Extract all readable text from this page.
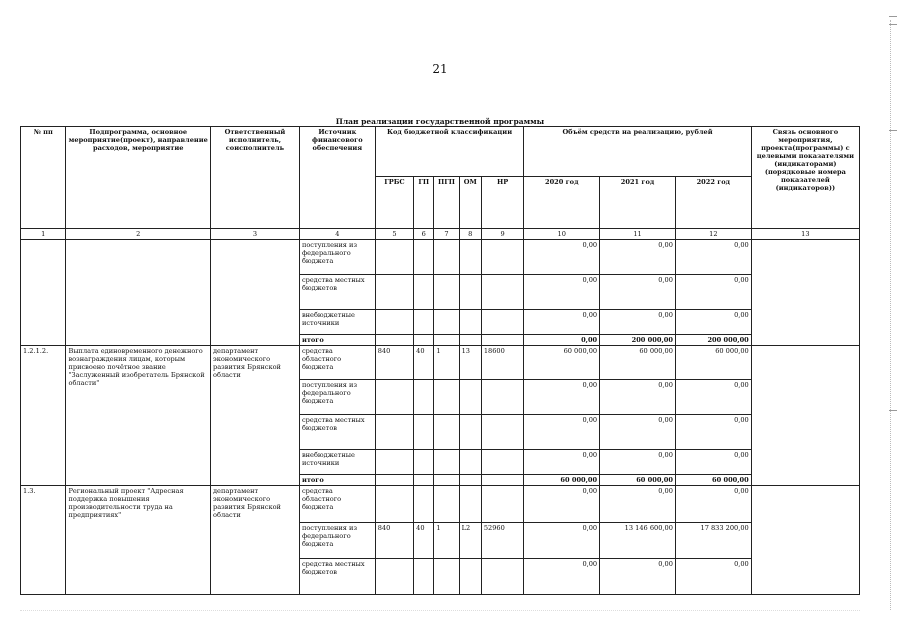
21
План реализации государственной программы
№ пп	Подпрограмма, основное мероприятие(проект), направление расходов, мероприятие	Ответственный исполнитель, соисполнитель	Источник финансового обеспечения	Код бюджетной классификации					Объём средств на реализацию, рублей			Связь основного мероприятия, проекта(программы) с целевыми показателями (индикаторами) (порядковые номера показателей (индикаторов))
				ГРБС	ГП	ПГП	ОМ	НР	2020 год	2021 год	2022 год	
1	2	3	4	5	6	7	8	9	10	11	12	13
			поступления из федерального бюджета						0,00	0,00	0,00	
			средства местных бюджетов						0,00	0,00	0,00	
			внебюджетные источники						0,00	0,00	0,00	
			итого						0,00	200 000,00	200 000,00	
1.2.1.2.	Выплата единовременного денежного вознаграждения лицам, которым присвоено почётное звание "Заслуженный изобретатель Брянской области"	департамент экономического развития Брянской области	средства областного бюджета	840	40	1	13	18600	60 000,00	60 000,00	60 000,00	
			поступления из федерального бюджета						0,00	0,00	0,00	
			средства местных бюджетов						0,00	0,00	0,00	
			внебюджетные источники						0,00	0,00	0,00	
			итого						60 000,00	60 000,00	60 000,00	
1.3.	Региональный проект "Адресная поддержка повышения производительности труда на предприятиях"	департамент экономического развития Брянской области	средства областного бюджета						0,00	0,00	0,00	
			поступления из федерального бюджета	840	40	1	L2	52960	0,00	13 146 600,00	17 833 200,00	
			средства местных бюджетов						0,00	0,00	0,00	
